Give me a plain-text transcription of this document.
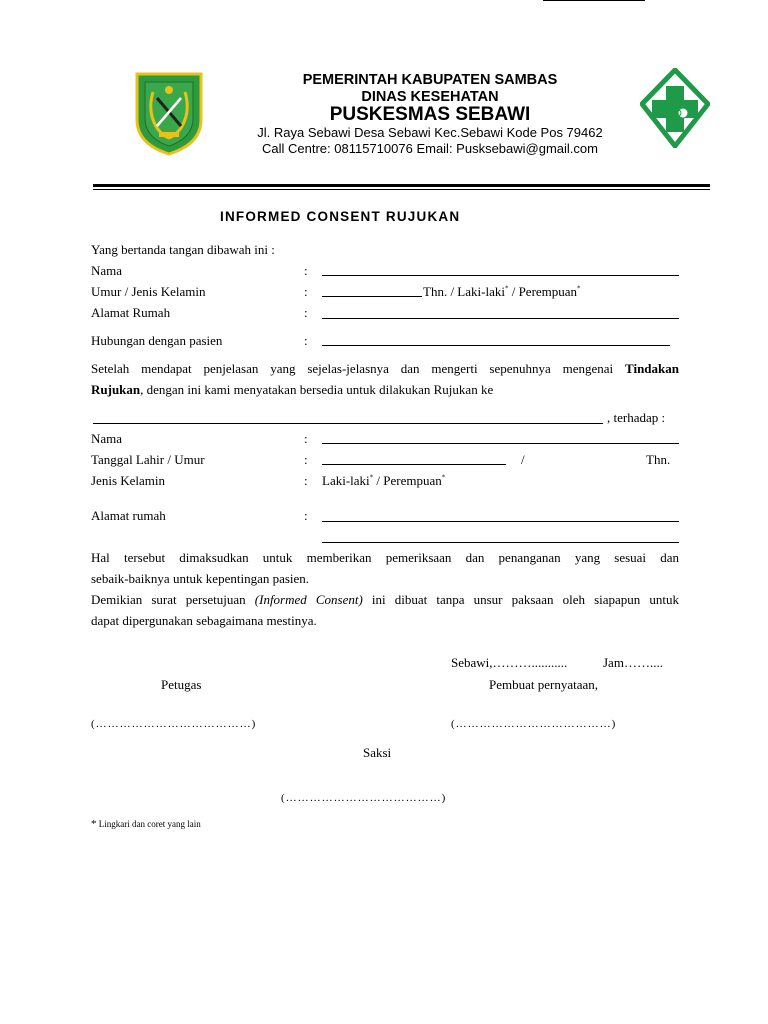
PEMERINTAH KABUPATEN SAMBAS
DINAS KESEHATAN
PUSKESMAS SEBAWI
Jl. Raya Sebawi Desa Sebawi Kec.Sebawi Kode Pos 79462
Call Centre: 08115710076 Email: Pusksebawi@gmail.com
INFORMED CONSENT RUJUKAN
Yang bertanda tangan dibawah ini :
Nama	:
Umur / Jenis Kelamin	:	Thn. / Laki-laki* / Perempuan*
Alamat Rumah	:
Hubungan dengan pasien	:
Setelah mendapat penjelasan yang sejelas-jelasnya dan mengerti sepenuhnya mengenai Tindakan
Rujukan, dengan ini kami menyatakan bersedia untuk dilakukan Rujukan ke
, terhadap :
Nama	:
Tanggal Lahir / Umur	:	/	Thn.
Jenis Kelamin	: Laki-laki* / Perempuan*
Alamat rumah	:
Hal tersebut dimaksudkan untuk memberikan pemeriksaan dan penanganan yang sesuai dan
sebaik-baiknya untuk kepentingan pasien.
Demikian surat persetujuan (Informed Consent) ini dibuat tanpa unsur paksaan oleh siapapun untuk
dapat dipergunakan sebagaimana mestinya.
Sebawi,………...........	Jam……....
Petugas	Pembuat pernyataan,
(…………………………………)	(…………………………………)
Saksi
(…………………………………)
* Lingkari dan coret yang lain
